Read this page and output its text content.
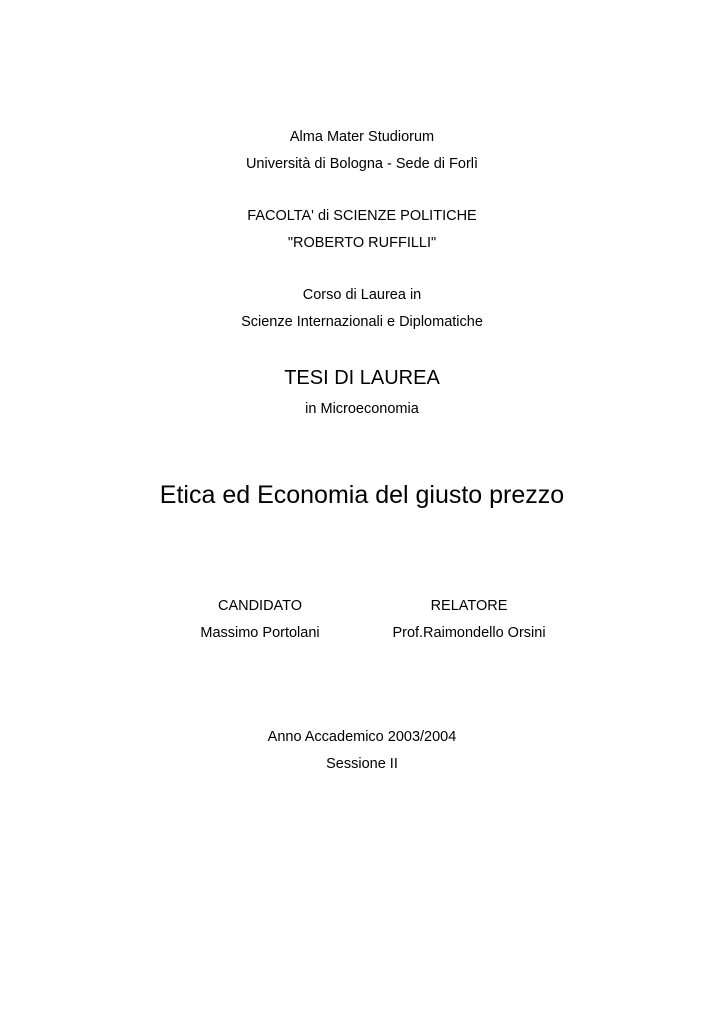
Alma Mater Studiorum
Università di Bologna - Sede di Forlì
FACOLTA' di SCIENZE POLITICHE
"ROBERTO RUFFILLI"
Corso di Laurea in
Scienze Internazionali e Diplomatiche
TESI DI LAUREA
in Microeconomia
Etica ed Economia del giusto prezzo
CANDIDATO
Massimo Portolani
RELATORE
Prof.Raimondello Orsini
Anno Accademico 2003/2004
Sessione II
